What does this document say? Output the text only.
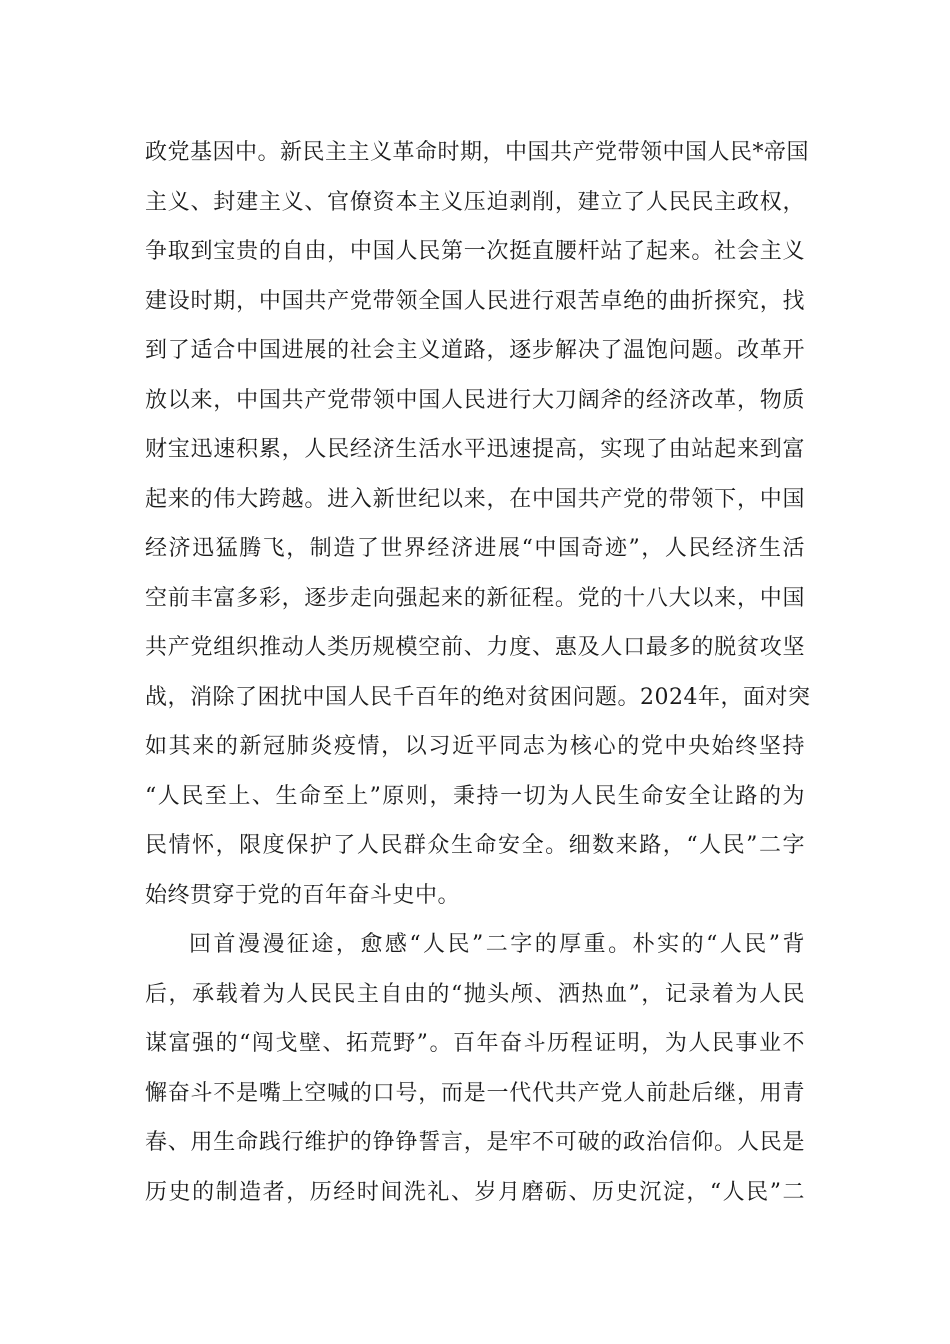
政党基因中。新民主主义革命时期，中国共产党带领中国人民*帝国
主义、封建主义、官僚资本主义压迫剥削，建立了人民民主政权，
争取到宝贵的自由，中国人民第一次挺直腰杆站了起来。社会主义
建设时期，中国共产党带领全国人民进行艰苦卓绝的曲折探究，找
到了适合中国进展的社会主义道路，逐步解决了温饱问题。改革开
放以来，中国共产党带领中国人民进行大刀阔斧的经济改革，物质
财宝迅速积累，人民经济生活水平迅速提高，实现了由站起来到富
起来的伟大跨越。进入新世纪以来，在中国共产党的带领下，中国
经济迅猛腾飞，制造了世界经济进展“中国奇迹”，人民经济生活
空前丰富多彩，逐步走向强起来的新征程。党的十八大以来，中国
共产党组织推动人类历规模空前、力度、惠及人口最多的脱贫攻坚
战，消除了困扰中国人民千百年的绝对贫困问题。2024年，面对突
如其来的新冠肺炎疫情，以习近平同志为核心的党中央始终坚持
“人民至上、生命至上”原则，秉持一切为人民生命安全让路的为
民情怀，限度保护了人民群众生命安全。细数来路，“人民”二字
始终贯穿于党的百年奋斗史中。
回首漫漫征途，愈感“人民”二字的厚重。朴实的“人民”背
后，承载着为人民民主自由的“抛头颅、洒热血”，记录着为人民
谋富强的“闯戈壁、拓荒野”。百年奋斗历程证明，为人民事业不
懈奋斗不是嘴上空喊的口号，而是一代代共产党人前赴后继，用青
春、用生命践行维护的铮铮誓言，是牢不可破的政治信仰。人民是
历史的制造者，历经时间洗礼、岁月磨砺、历史沉淀，“人民”二
